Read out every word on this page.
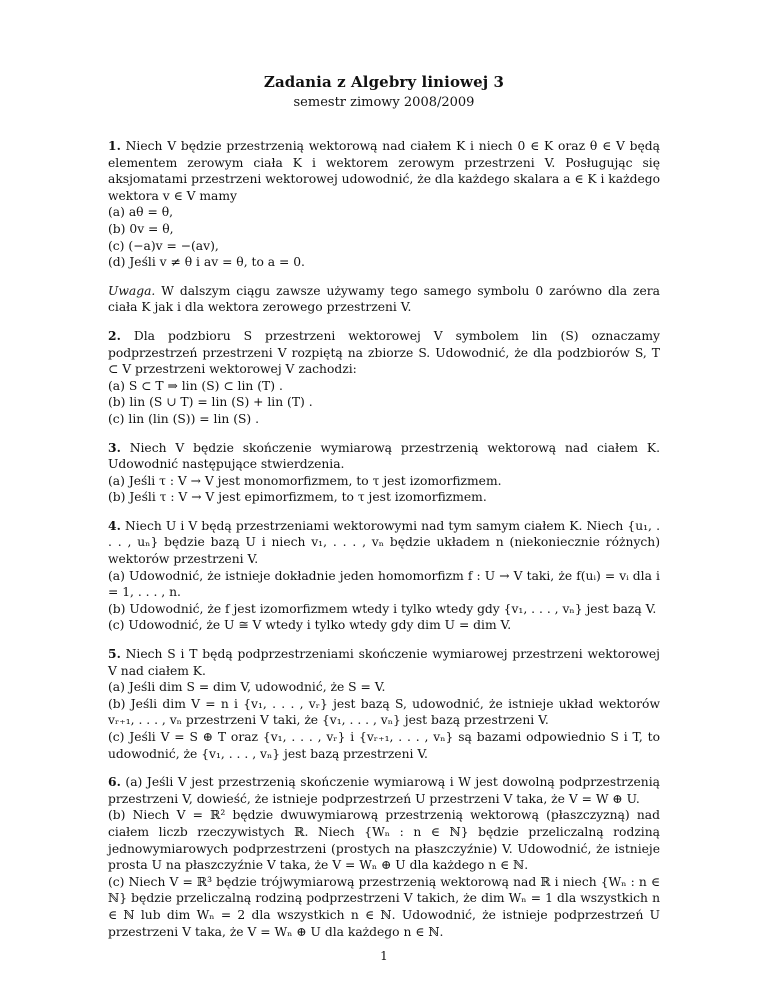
Zadania z Algebry liniowej 3
semestr zimowy 2008/2009
1. Niech V będzie przestrzenią wektorową nad ciałem K i niech 0 ∈ K oraz θ ∈ V będą elementem zerowym ciała K i wektorem zerowym przestrzeni V. Posługując się aksjomatami przestrzeni wektorowej udowodnić, że dla każdego skalara a ∈ K i każdego wektora v ∈ V mamy
(a) aθ = θ,
(b) 0v = θ,
(c) (−a)v = −(av),
(d) Jeśli v ≠ θ i av = θ, to a = 0.
Uwaga. W dalszym ciągu zawsze używamy tego samego symbolu 0 zarówno dla zera ciała K jak i dla wektora zerowego przestrzeni V.
2. Dla podzbioru S przestrzeni wektorowej V symbolem lin (S) oznaczamy podprzestrzeń przestrzeni V rozpiętą na zbiorze S. Udowodnić, że dla podzbiorów S, T ⊂ V przestrzeni wektorowej V zachodzi:
(a) S ⊂ T ⇒ lin (S) ⊂ lin (T) .
(b) lin (S ∪ T) = lin (S) + lin (T) .
(c) lin (lin (S)) = lin (S) .
3. Niech V będzie skończenie wymiarową przestrzenią wektorową nad ciałem K. Udowodnić następujące stwierdzenia.
(a) Jeśli τ : V → V jest monomorfizmem, to τ jest izomorfizmem.
(b) Jeśli τ : V → V jest epimorfizmem, to τ jest izomorfizmem.
4. Niech U i V będą przestrzeniami wektorowymi nad tym samym ciałem K. Niech {u₁, . . . , uₙ} będzie bazą U i niech v₁, . . . , vₙ będzie układem n (niekoniecznie różnych) wektorów przestrzeni V.
(a) Udowodnić, że istnieje dokładnie jeden homomorfizm f : U → V taki, że f(uᵢ) = vᵢ dla i = 1, . . . , n.
(b) Udowodnić, że f jest izomorfizmem wtedy i tylko wtedy gdy {v₁, . . . , vₙ} jest bazą V.
(c) Udowodnić, że U ≅ V wtedy i tylko wtedy gdy dim U = dim V.
5. Niech S i T będą podprzestrzeniami skończenie wymiarowej przestrzeni wektorowej V nad ciałem K.
(a) Jeśli dim S = dim V, udowodnić, że S = V.
(b) Jeśli dim V = n i {v₁, . . . , vᵣ} jest bazą S, udowodnić, że istnieje układ wektorów vᵣ₊₁, . . . , vₙ przestrzeni V taki, że {v₁, . . . , vₙ} jest bazą przestrzeni V.
(c) Jeśli V = S ⊕ T oraz {v₁, . . . , vᵣ} i {vᵣ₊₁, . . . , vₙ} są bazami odpowiednio S i T, to udowodnić, że {v₁, . . . , vₙ} jest bazą przestrzeni V.
6. (a) Jeśli V jest przestrzenią skończenie wymiarową i W jest dowolną podprzestrzenią przestrzeni V, dowieść, że istnieje podprzestrzeń U przestrzeni V taka, że V = W ⊕ U.
(b) Niech V = ℝ² będzie dwuwymiarową przestrzenią wektorową (płaszczyzną) nad ciałem liczb rzeczywistych ℝ. Niech {Wₙ : n ∈ ℕ} będzie przeliczalną rodziną jednowymiarowych podprzestrzeni (prostych na płaszczyźnie) V. Udowodnić, że istnieje prosta U na płaszczyźnie V taka, że V = Wₙ ⊕ U dla każdego n ∈ ℕ.
(c) Niech V = ℝ³ będzie trójwymiarową przestrzenią wektorową nad ℝ i niech {Wₙ : n ∈ ℕ} będzie przeliczalną rodziną podprzestrzeni V takich, że dim Wₙ = 1 dla wszystkich n ∈ ℕ lub dim Wₙ = 2 dla wszystkich n ∈ ℕ. Udowodnić, że istnieje podprzestrzeń U przestrzeni V taka, że V = Wₙ ⊕ U dla każdego n ∈ ℕ.
1
